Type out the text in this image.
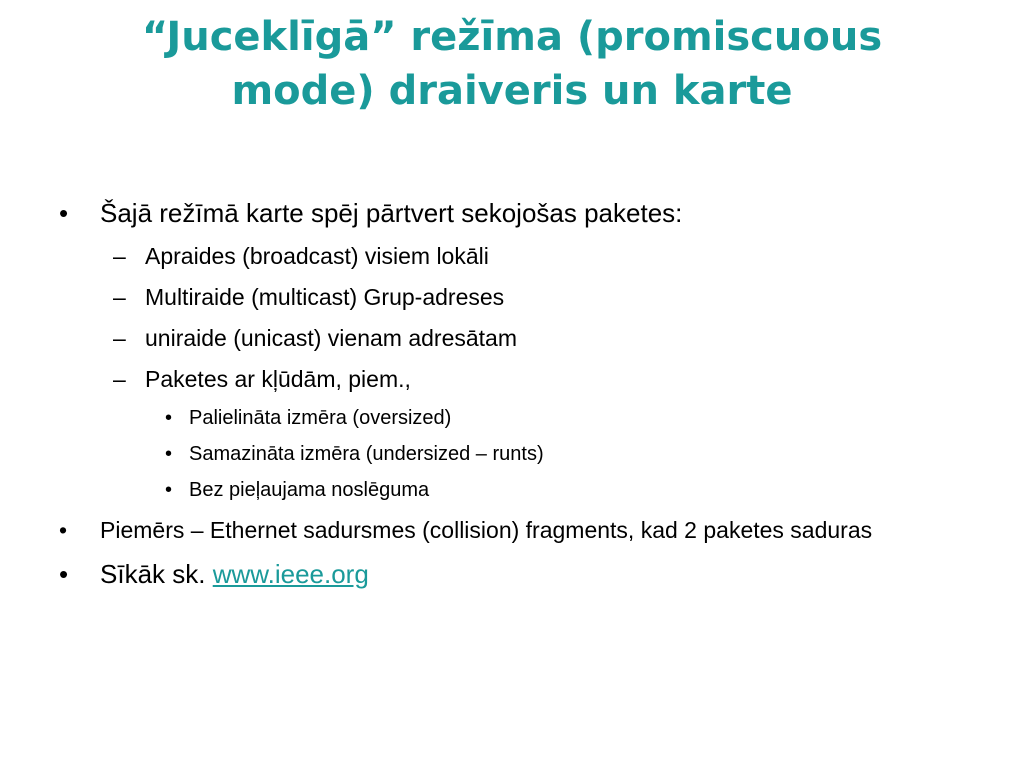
“Juceklīgā” režīma (promiscuous
mode) draiveris un karte
• Šajā režīmā karte spēj pārtvert sekojošas paketes:
– Apraides (broadcast) visiem lokāli
– Multiraide (multicast) Grup-adreses
– uniraide (unicast) vienam adresātam
– Paketes ar kļūdām, piem.,
• Palielināta izmēra (oversized)
• Samazināta izmēra (undersized – runts)
• Bez pieļaujama noslēguma
• Piemērs – Ethernet sadursmes (collision) fragments, kad 2 paketes saduras
• Sīkāk sk. www.ieee.org
